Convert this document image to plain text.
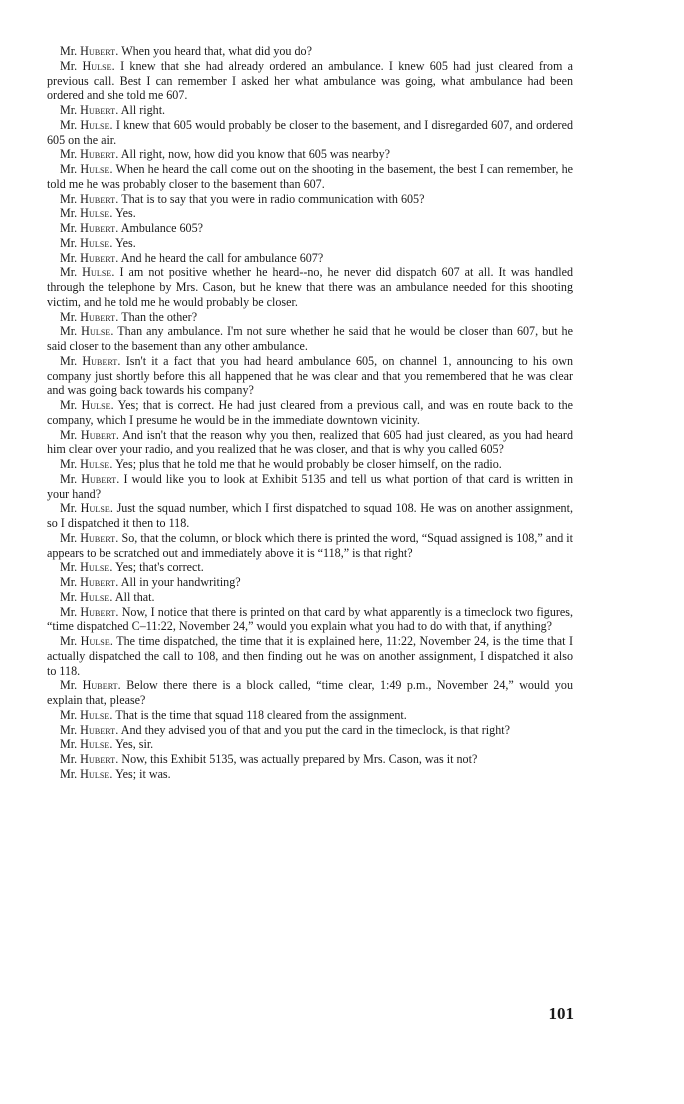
Mr. Hubert. When you heard that, what did you do?

Mr. Hulse. I knew that she had already ordered an ambulance. I knew 605 had just cleared from a previous call. Best I can remember I asked her what ambulance was going, what ambulance had been ordered and she told me 607.

Mr. Hubert. All right.

Mr. Hulse. I knew that 605 would probably be closer to the basement, and I disregarded 607, and ordered 605 on the air.

Mr. Hubert. All right, now, how did you know that 605 was nearby?

Mr. Hulse. When he heard the call come out on the shooting in the basement, the best I can remember, he told me he was probably closer to the basement than 607.

Mr. Hubert. That is to say that you were in radio communication with 605?

Mr. Hulse. Yes.

Mr. Hubert. Ambulance 605?

Mr. Hulse. Yes.

Mr. Hubert. And he heard the call for ambulance 607?

Mr. Hulse. I am not positive whether he heard--no, he never did dispatch 607 at all. It was handled through the telephone by Mrs. Cason, but he knew that there was an ambulance needed for this shooting victim, and he told me he would probably be closer.

Mr. Hubert. Than the other?

Mr. Hulse. Than any ambulance. I'm not sure whether he said that he would be closer than 607, but he said closer to the basement than any other ambulance.

Mr. Hubert. Isn't it a fact that you had heard ambulance 605, on channel 1, announcing to his own company just shortly before this all happened that he was clear and that you remembered that he was clear and was going back towards his company?

Mr. Hulse. Yes; that is correct. He had just cleared from a previous call, and was en route back to the company, which I presume he would be in the immediate downtown vicinity.

Mr. Hubert. And isn't that the reason why you then, realized that 605 had just cleared, as you had heard him clear over your radio, and you realized that he was closer, and that is why you called 605?

Mr. Hulse. Yes; plus that he told me that he would probably be closer himself, on the radio.

Mr. Hubert. I would like you to look at Exhibit 5135 and tell us what portion of that card is written in your hand?

Mr. Hulse. Just the squad number, which I first dispatched to squad 108. He was on another assignment, so I dispatched it then to 118.

Mr. Hubert. So, that the column, or block which there is printed the word, “Squad assigned is 108,” and it appears to be scratched out and immediately above it is “118,” is that right?

Mr. Hulse. Yes; that's correct.

Mr. Hubert. All in your handwriting?

Mr. Hulse. All that.

Mr. Hubert. Now, I notice that there is printed on that card by what apparently is a timeclock two figures, “time dispatched C–11:22, November 24,” would you explain what you had to do with that, if anything?

Mr. Hulse. The time dispatched, the time that it is explained here, 11:22, November 24, is the time that I actually dispatched the call to 108, and then finding out he was on another assignment, I dispatched it also to 118.

Mr. Hubert. Below there there is a block called, “time clear, 1:49 p.m., November 24,” would you explain that, please?

Mr. Hulse. That is the time that squad 118 cleared from the assignment.

Mr. Hubert. And they advised you of that and you put the card in the timeclock, is that right?

Mr. Hulse. Yes, sir.

Mr. Hubert. Now, this Exhibit 5135, was actually prepared by Mrs. Cason, was it not?

Mr. Hulse. Yes; it was.

101
